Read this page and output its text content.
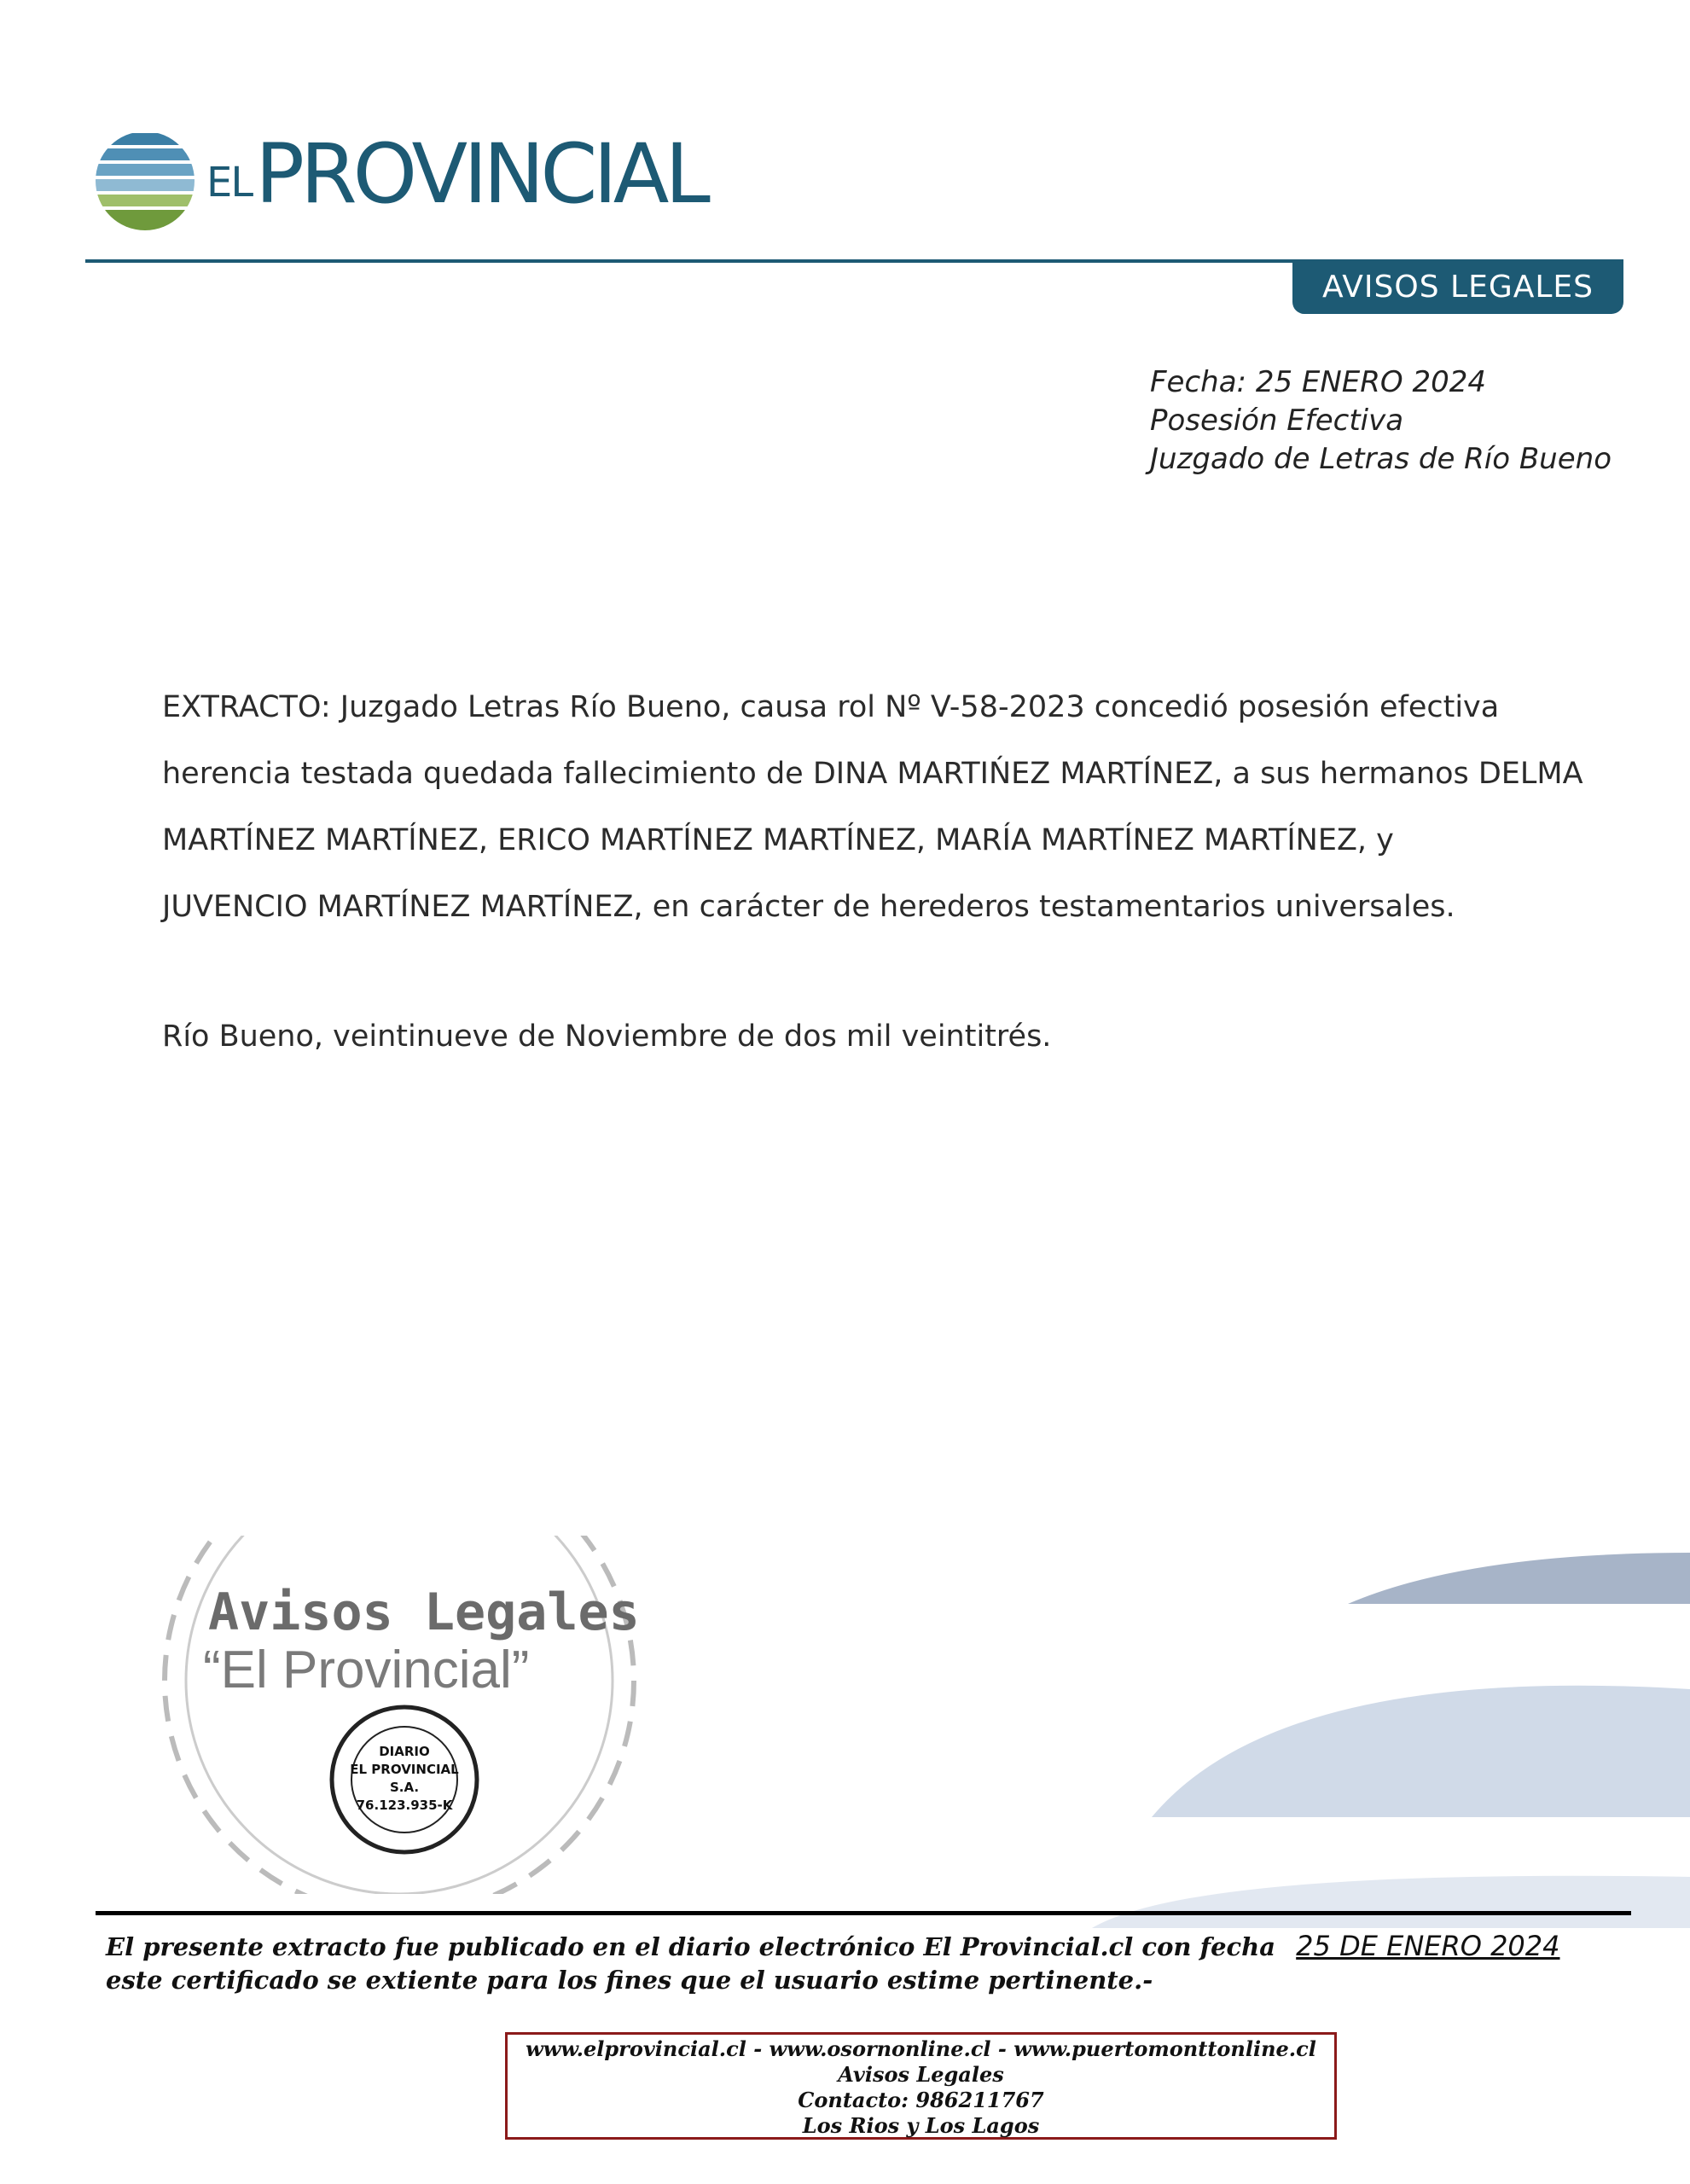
EL PROVINCIAL
AVISOS LEGALES
Fecha: 25 ENERO 2024
Posesión Efectiva
Juzgado de Letras de Río Bueno
EXTRACTO: Juzgado Letras Río Bueno, causa rol Nº V-58-2023 concedió posesión efectiva
herencia testada quedada fallecimiento de DINA MARTIŃEZ MARTÍNEZ, a sus hermanos DELMA
MARTÍNEZ MARTÍNEZ, ERICO MARTÍNEZ MARTÍNEZ, MARÍA MARTÍNEZ MARTÍNEZ, y
JUVENCIO MARTÍNEZ MARTÍNEZ, en carácter de herederos testamentarios universales.
Río Bueno, veintinueve de Noviembre de dos mil veintitrés.
Avisos Legales
“El Provincial”
DIARIO
EL PROVINCIAL
S.A.
76.123.935-K
El presente extracto fue publicado en el diario electrónico El Provincial.cl con fecha 25 DE ENERO 2024 este certificado se extiente para los fines que el usuario estime pertinente.-
www.elprovincial.cl - www.osornonline.cl - www.puertomonttonline.cl
Avisos Legales
Contacto: 986211767
Los Rios y Los Lagos
